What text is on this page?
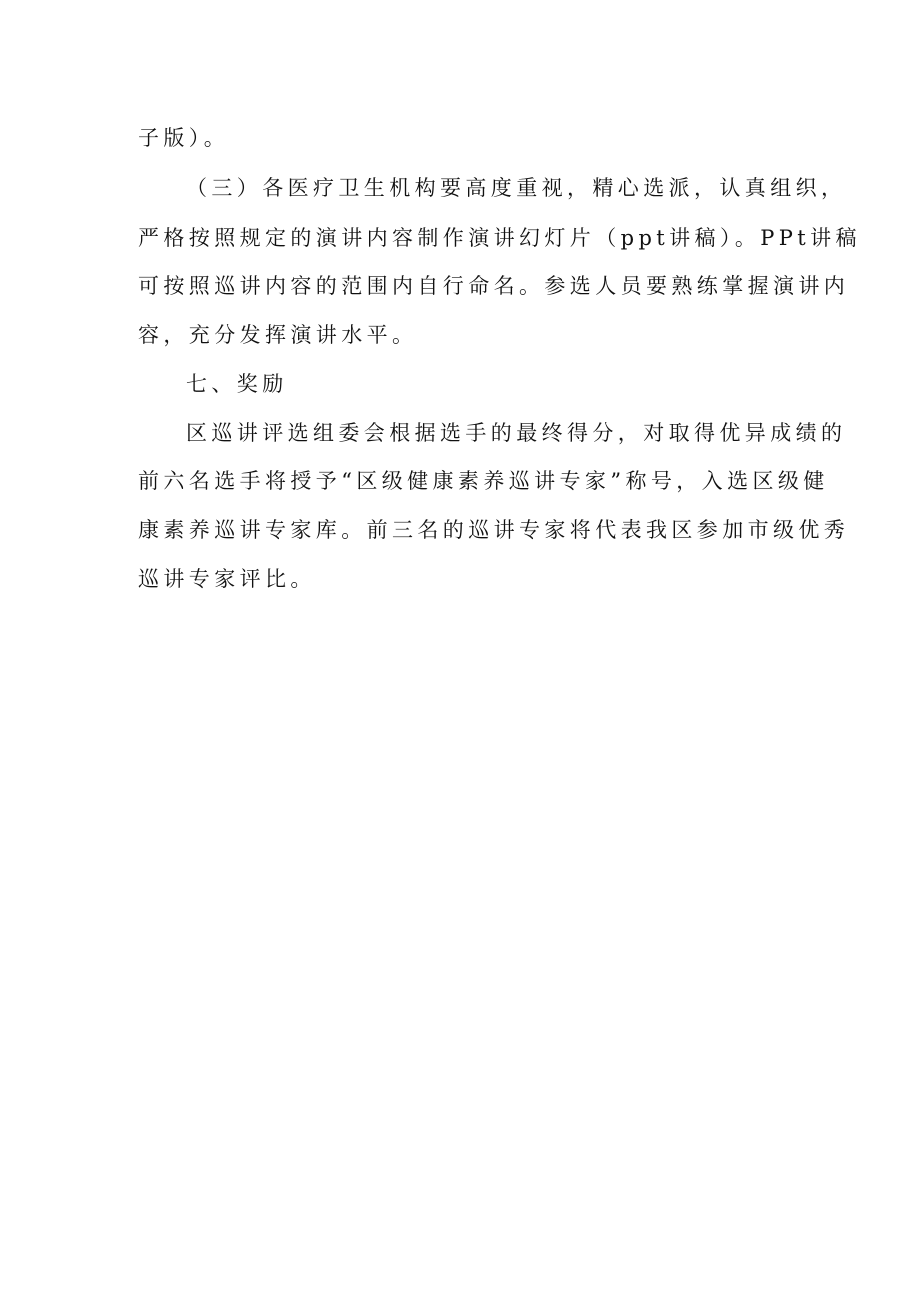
子版）。
（三）各医疗卫生机构要高度重视，精心选派，认真组织，
严格按照规定的演讲内容制作演讲幻灯片（ppt讲稿）。PPt讲稿
可按照巡讲内容的范围内自行命名。参选人员要熟练掌握演讲内
容，充分发挥演讲水平。
七、奖励
区巡讲评选组委会根据选手的最终得分，对取得优异成绩的
前六名选手将授予“区级健康素养巡讲专家”称号，入选区级健
康素养巡讲专家库。前三名的巡讲专家将代表我区参加市级优秀
巡讲专家评比。
